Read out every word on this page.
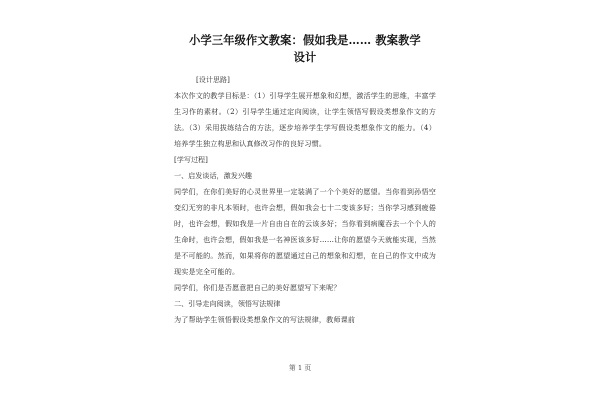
小学三年级作文教案：假如我是…… 教案教学
设计

[设计思路]

本次作文的教学目标是：（1）引导学生展开想象和幻想，激活学生的思维，丰富学生习作的素材。（2）引导学生通过定向阅读，让学生领悟写假设类想象作文的方法。（3）采用拔练结合的方法，逐步培养学生学写假设类想象作文的能力。（4）培养学生独立构思和认真修改习作的良好习惯。

[学写过程]

一、启发谈话，激发兴趣

同学们，在你们美好的心灵世界里一定装满了一个个美好的愿望。当你看到孙悟空变幻无穷的非凡本领时，也许会想，假如我会七十二变该多好；当你学习感到疲倦时，也许会想，假如我是一片自由自在的云该多好；当你看到病魔吞去一个个人的生命时，也许会想，假如我是一名神医该多好……让你的愿望今天就能实现，当然是不可能的。然而，如果将你的愿望通过自己的想象和幻想，在自己的作文中成为现实是完全可能的。

同学们，你们是否愿意把自己的美好愿望写下来呢？

二、引导走向阅读，领悟写法规律

为了帮助学生领悟假设类想象作文的写法规律，教师课前

第 1 页
